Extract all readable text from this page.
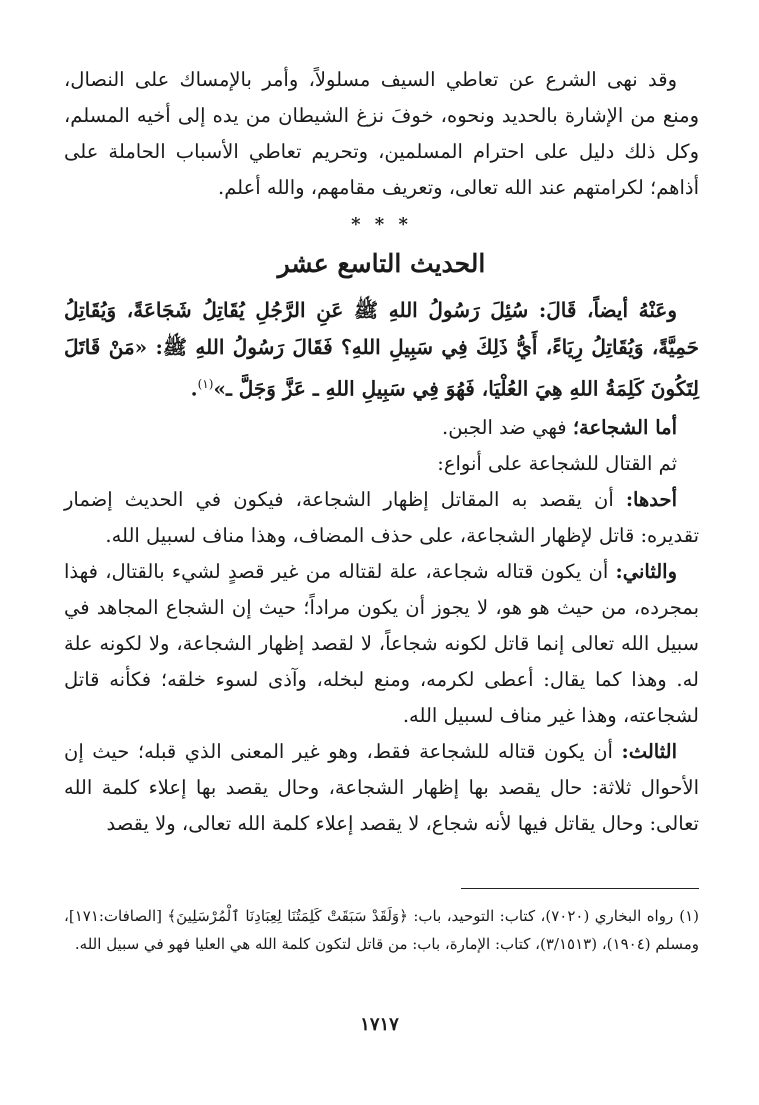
وقد نهى الشرع عن تعاطي السيف مسلولاً، وأمر بالإمساك على النصال، ومنع من الإشارة بالحديد ونحوه، خوفَ نزغ الشيطان من يده إلى أخيه المسلم، وكل ذلك دليل على احترام المسلمين، وتحريم تعاطي الأسباب الحاملة على أذاهم؛ لكرامتهم عند الله تعالى، وتعريف مقامهم، والله أعلم.

* * *
الحديث التاسع عشر

وعَنْهُ أيضاً، قَالَ: سُئِلَ رَسُولُ اللهِ ﷺ عَنِ الرَّجُلِ يُقَاتِلُ شَجَاعَةً، وَيُقَاتِلُ حَمِيَّةً، وَيُقَاتِلُ رِيَاءً، أَيُّ ذَلِكَ فِي سَبِيلِ اللهِ؟ فَقَالَ رَسُولُ اللهِ ﷺ: «مَنْ قَاتَلَ لِتَكُونَ كَلِمَةُ اللهِ هِيَ العُلْيَا، فَهُوَ فِي سَبِيلِ اللهِ ـ عَزَّ وَجَلَّ ـ»$^{(١)}$.

أما الشجاعة؛ فهي ضد الجبن.

ثم القتال للشجاعة على أنواع:

أحدها: أن يقصد به المقاتل إظهار الشجاعة، فيكون في الحديث إضمار تقديره: قاتل لإظهار الشجاعة، على حذف المضاف، وهذا مناف لسبيل الله.

والثاني: أن يكون قتاله شجاعة، علة لقتاله من غير قصدٍ لشيء بالقتال، فهذا بمجرده، من حيث هو هو، لا يجوز أن يكون مراداً؛ حيث إن الشجاع المجاهد في سبيل الله تعالى إنما قاتل لكونه شجاعاً، لا لقصد إظهار الشجاعة، ولا لكونه علة له. وهذا كما يقال: أعطى لكرمه، ومنع لبخله، وآذى لسوء خلقه؛ فكأنه قاتل لشجاعته، وهذا غير مناف لسبيل الله.

الثالث: أن يكون قتاله للشجاعة فقط، وهو غير المعنى الذي قبله؛ حيث إن الأحوال ثلاثة: حال يقصد بها إظهار الشجاعة، وحال يقصد بها إعلاء كلمة الله تعالى: وحال يقاتل فيها لأنه شجاع، لا يقصد إعلاء كلمة الله تعالى، ولا يقصد

(١)رواه البخاري (٧٠٢٠)، كتاب: التوحيد، باب: ﴿وَلَقَدْ سَبَقَتْ كَلِمَتُنَا لِعِبَادِنَا ٱلْمُرْسَلِينَ﴾ [الصافات:١٧١]، ومسلم (١٩٠٤)، (٣/١٥١٣)، كتاب: الإمارة، باب: من قاتل لتكون كلمة الله هي العليا فهو في سبيل الله.
١٧١٧
